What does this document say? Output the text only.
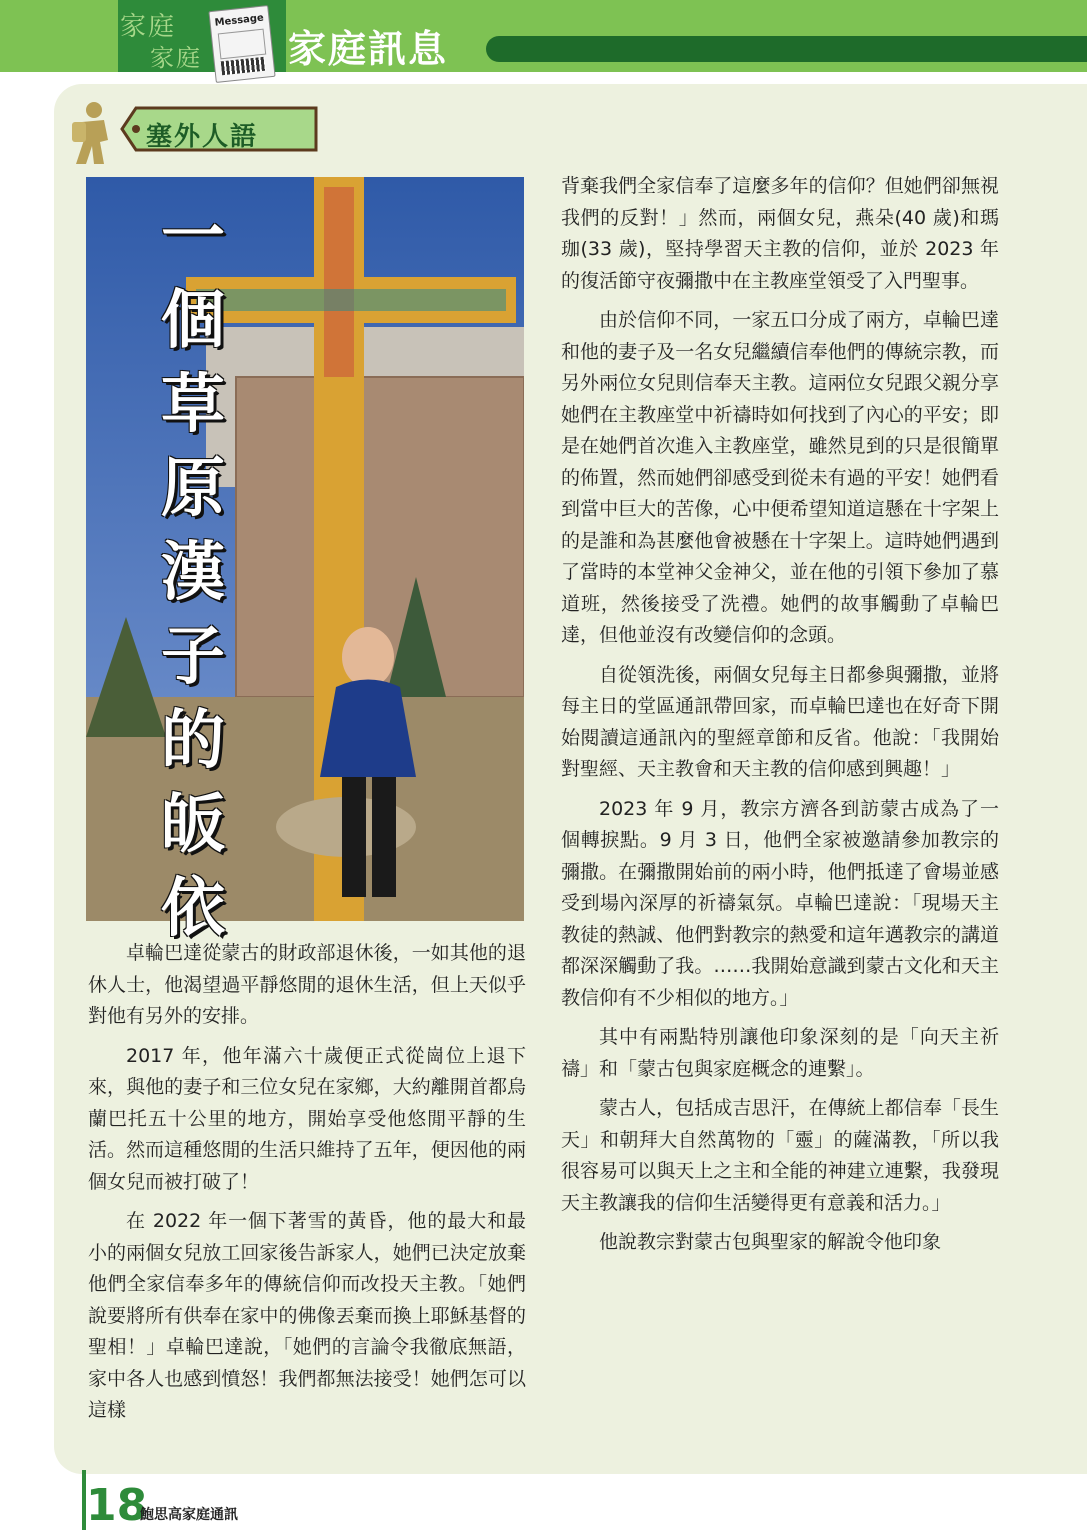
家庭
家庭
Message
家庭訊息
塞外人語

一
個
草
原
漢
子
的
皈
依

卓輪巴達從蒙古的財政部退休後，一如其他的退休人士，他渴望過平靜悠閒的退休生活，但上天似乎對他有另外的安排。

2017 年，他年滿六十歲便正式從崗位上退下來，與他的妻子和三位女兒在家鄉，大約離開首都烏蘭巴托五十公里的地方，開始享受他悠閒平靜的生活。然而這種悠閒的生活只維持了五年，便因他的兩個女兒而被打破了！

在 2022 年一個下著雪的黃昏，他的最大和最小的兩個女兒放工回家後告訴家人，她們已決定放棄他們全家信奉多年的傳統信仰而改投天主教。「她們說要將所有供奉在家中的佛像丟棄而換上耶穌基督的聖相！」卓輪巴達說，「她們的言論令我徹底無語，家中各人也感到憤怒！我們都無法接受！她們怎可以這樣

背棄我們全家信奉了這麼多年的信仰？但她們卻無視我們的反對！」然而，兩個女兒，燕朵(40 歲)和瑪珈(33 歲)，堅持學習天主教的信仰，並於 2023 年的復活節守夜彌撒中在主教座堂領受了入門聖事。

由於信仰不同，一家五口分成了兩方，卓輪巴達和他的妻子及一名女兒繼續信奉他們的傳統宗教，而另外兩位女兒則信奉天主教。這兩位女兒跟父親分享她們在主教座堂中祈禱時如何找到了內心的平安；即是在她們首次進入主教座堂，雖然見到的只是很簡單的佈置，然而她們卻感受到從未有過的平安！她們看到當中巨大的苦像，心中便希望知道這懸在十字架上的是誰和為甚麼他會被懸在十字架上。這時她們遇到了當時的本堂神父金神父，並在他的引領下參加了慕道班，然後接受了洗禮。她們的故事觸動了卓輪巴達，但他並沒有改變信仰的念頭。

自從領洗後，兩個女兒每主日都參與彌撒，並將每主日的堂區通訊帶回家，而卓輪巴達也在好奇下開始閱讀這通訊內的聖經章節和反省。他說：「我開始對聖經、天主教會和天主教的信仰感到興趣！」

2023 年 9 月，教宗方濟各到訪蒙古成為了一個轉捩點。9 月 3 日，他們全家被邀請參加教宗的彌撒。在彌撒開始前的兩小時，他們抵達了會場並感受到場內深厚的祈禱氣氛。卓輪巴達說：「現場天主教徒的熱誠、他們對教宗的熱愛和這年邁教宗的講道都深深觸動了我。……我開始意識到蒙古文化和天主教信仰有不少相似的地方。」

其中有兩點特別讓他印象深刻的是「向天主祈禱」和「蒙古包與家庭概念的連繫」。

蒙古人，包括成吉思汗，在傳統上都信奉「長生天」和朝拜大自然萬物的「靈」的薩滿教，「所以我很容易可以與天上之主和全能的神建立連繫，我發現天主教讓我的信仰生活變得更有意義和活力。」

他說教宗對蒙古包與聖家的解說令他印象

18
鮑思高家庭通訊
